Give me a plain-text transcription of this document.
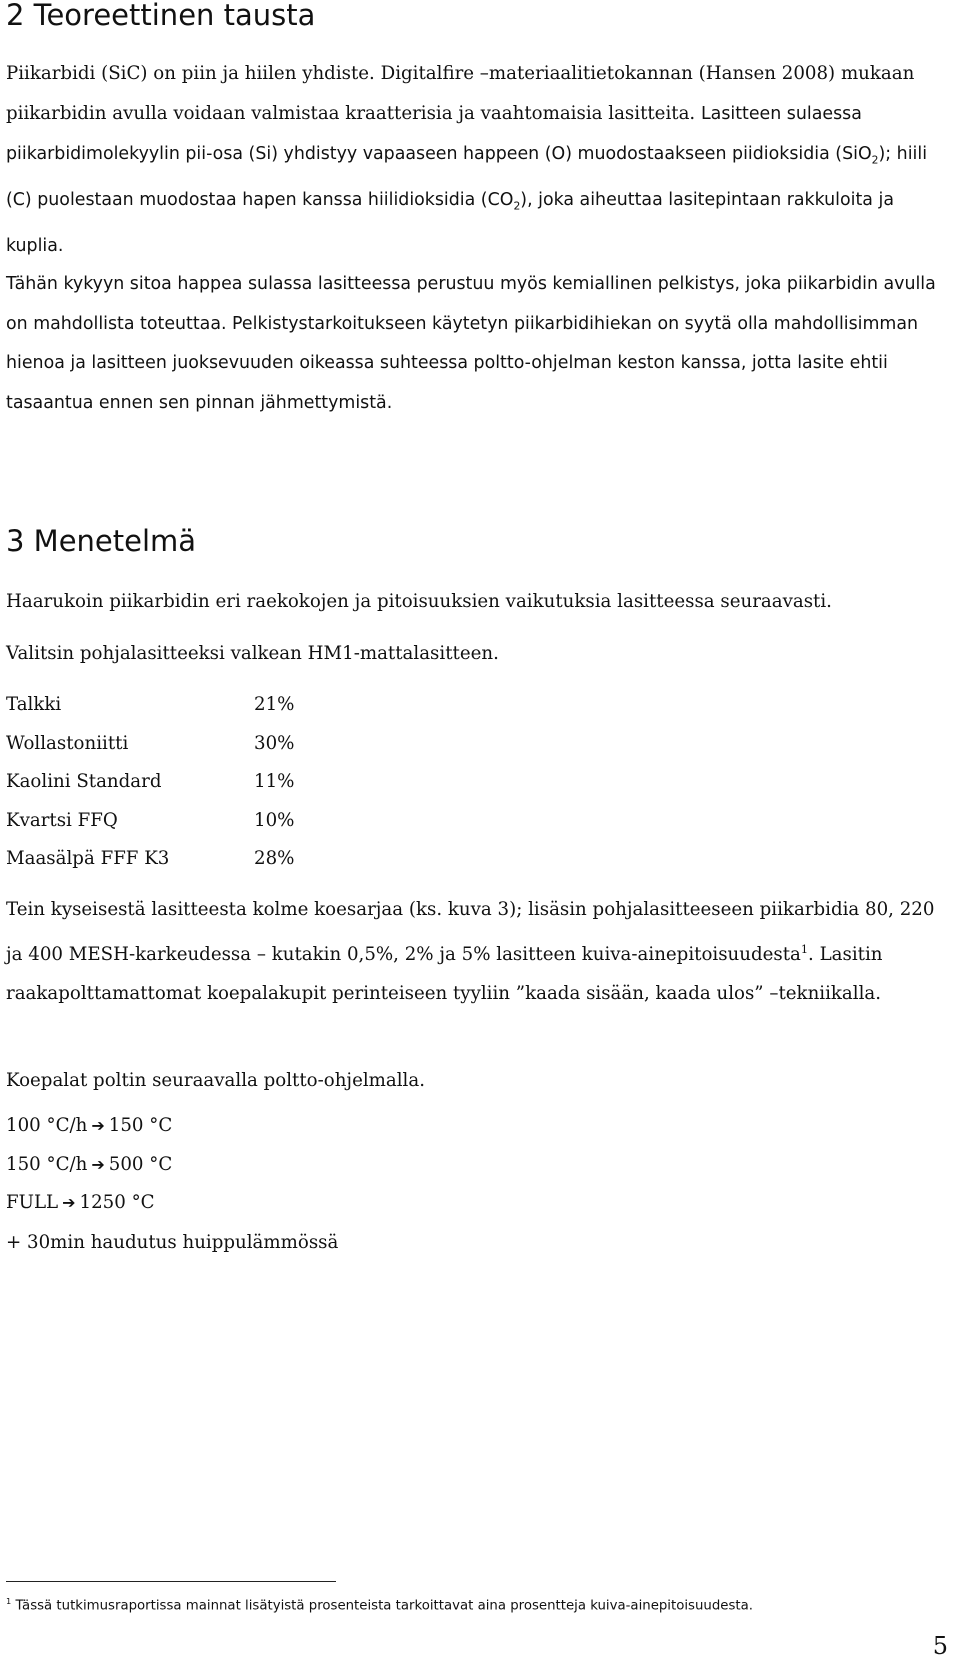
2 Teoreettinen tausta

Piikarbidi (SiC) on piin ja hiilen yhdiste. Digitalfire –materiaalitietokannan (Hansen 2008) mukaan piikarbidin avulla voidaan valmistaa kraatterisia ja vaahtomaisia lasitteita. Lasitteen sulaessa piikarbidimolekyylin pii-osa (Si) yhdistyy vapaaseen happeen (O) muodostaakseen piidioksidia (SiO$_2$); hiili (C) puolestaan muodostaa hapen kanssa hiilidioksidia $(CO_2)$, joka aiheuttaa lasitepintaan rakkuloita ja kuplia.

Tähän kykyyn sitoa happea sulassa lasitteessa perustuu myös kemiallinen pelkistys, joka piikarbidin avulla on mahdollista toteuttaa. Pelkistystarkoitukseen käytetyn piikarbidihiekan on syytä olla mahdollisimman hienoa ja lasitteen juoksevuuden oikeassa suhteessa poltto-ohjelman keston kanssa, jotta lasite ehtii tasaantua ennen sen pinnan jähmettymistä.

3 Menetelmä

Haarukoin piikarbidin eri raekokojen ja pitoisuuksien vaikutuksia lasitteessa seuraavasti.

Valitsin pohjalasitteeksi valkean HM1-mattalasitteen.

Talkki	21%
Wollastoniitti	30%
Kaolini Standard	11%
Kvartsi FFQ	10%
Maasälpä FFF K3	28%

Tein kyseisestä lasitteesta kolme koesarjaa (ks. kuva 3); lisäsin pohjalasitteeseen piikarbidia 80, 220 ja 400 MESH-karkeudessa – kutakin 0,5%, 2% ja 5% lasitteen kuiva-ainepitoisuudesta$^1$. Lasitin raakapolttamattomat koepalakupit perinteiseen tyyliin ”kaada sisään, kaada ulos” –tekniikalla.

Koepalat poltin seuraavalla poltto-ohjelmalla.

100 °C/h ➔ 150 °C
150 °C/h ➔ 500 °C
FULL ➔ 1250 °C
+ 30min haudutus huippulämmössä
$^1$ Tässä tutkimusraportissa mainnat lisätyistä prosenteista tarkoittavat aina prosentteja kuiva-ainepitoisuudesta.
5
